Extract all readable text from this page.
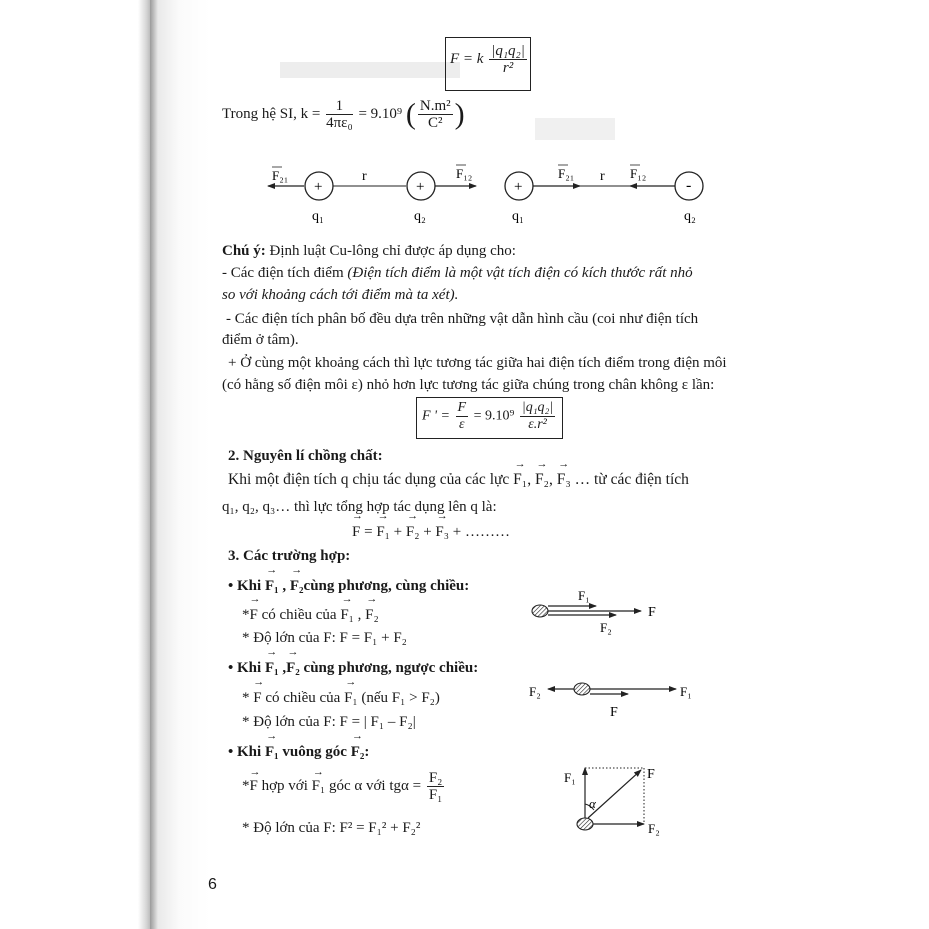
F = k $\frac{\text{|q₁q₂|}}{\text{r²}}$
Trong hệ SI, $k = \frac{1}{\text{4πε₀}} = 9.10^9$ ( $\frac{\text{N.m²}}{\text{C²}}$ )
F₂₁	r	F₁₂
+	+
q₁	q₂
F₂₁ r F₁₂
+	-
q₁	q₂
Chú ý: Định luật Cu-lông chỉ được áp dụng cho:
- Các điện tích điểm (Điện tích điểm là một vật tích điện có kích thước rất nhỏ
so với khoảng cách tới điểm mà ta xét).
- Các điện tích phân bố đều dựa trên những vật dẫn hình cầu (coi như điện tích
điểm ở tâm).
+ Ở cùng một khoảng cách thì lực tương tác giữa hai điện tích điểm trong điện môi
(có hằng số điện môi ε) nhỏ hơn lực tương tác giữa chúng trong chân không ε lần:
F ' = $\frac{F}{\varepsilon} = 9.10^9 \frac{\text{|q₁q₂|}}{\text{ε.r²}}$
2. Nguyên lí chồng chất:
Khi một điện tích q chịu tác dụng của các lực → F₁, → F₂, → F₃ … từ các điện tích
q₁, q₂, q₃… thì lực tổng hợp tác dụng lên q là:
→ F = → F₁ + → F₂ + → F₃ + ………
3. Các trường hợp:
• Khi → F₁ , → F₂cùng phương, cùng chiều:
*→ F có chiều của → F₁ , → F₂
* Độ lớn của F: F = F₁ + F₂
• Khi → F₁ ,→ F₂ cùng phương, ngược chiều:
* → F có chiều của → F₁ (nếu F₁ > F₂)
* Độ lớn của F: F = | F₁ – F₂|
• Khi → F₁ vuông góc → F₂:
*→ F hợp với → F₁ góc α với $tg\alpha = \frac{\text{F₂}}{\text{F₁}}$
* Độ lớn của F: F² = F₁² + F₂²
F₁
F₂
F
F₂	F₁
F
F₁	F
F₂
α
6
